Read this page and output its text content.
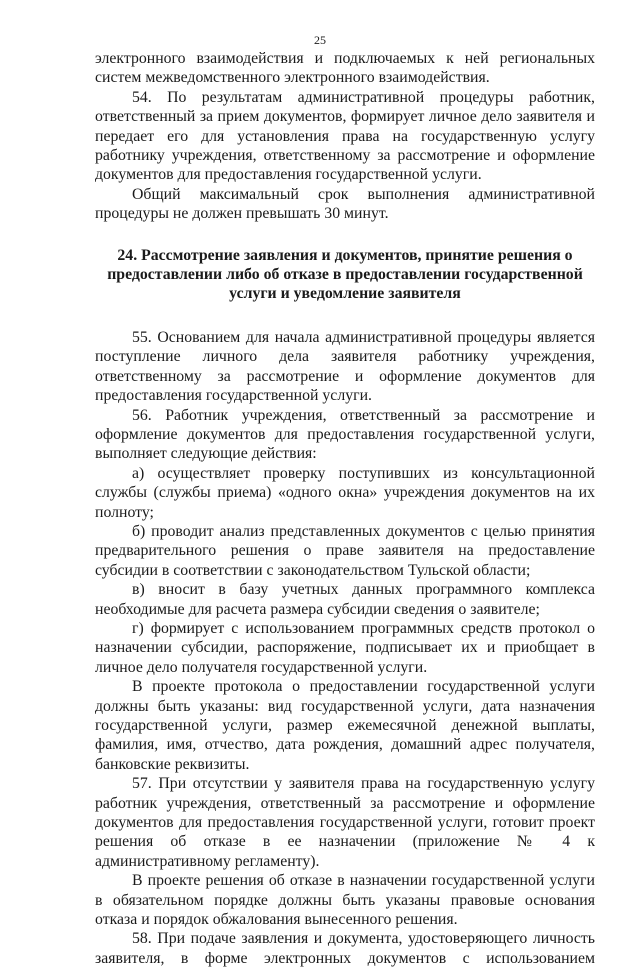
25

электронного взаимодействия и подключаемых к ней региональных систем межведомственного электронного взаимодействия.

54. По результатам административной процедуры работник, ответственный за прием документов, формирует личное дело заявителя и передает его для установления права на государственную услугу работнику учреждения, ответственному за рассмотрение и оформление документов для предоставления государственной услуги.

Общий максимальный срок выполнения административной процедуры не должен превышать 30 минут.

24. Рассмотрение заявления и документов, принятие решения о предоставлении либо об отказе в предоставлении государственной услуги и уведомление заявителя

55. Основанием для начала административной процедуры является поступление личного дела заявителя работнику учреждения, ответственному за рассмотрение и оформление документов для предоставления государственной услуги.

56. Работник учреждения, ответственный за рассмотрение и оформление документов для предоставления государственной услуги, выполняет следующие действия:

а) осуществляет проверку поступивших из консультационной службы (службы приема) «одного окна» учреждения документов на их полноту;

б) проводит анализ представленных документов с целью принятия предварительного решения о праве заявителя на предоставление субсидии в соответствии с законодательством Тульской области;

в) вносит в базу учетных данных программного комплекса необходимые для расчета размера субсидии сведения о заявителе;

г) формирует с использованием программных средств протокол о назначении субсидии, распоряжение, подписывает их и приобщает в личное дело получателя государственной услуги.

В проекте протокола о предоставлении государственной услуги должны быть указаны: вид государственной услуги, дата назначения государственной услуги, размер ежемесячной денежной выплаты, фамилия, имя, отчество, дата рождения, домашний адрес получателя, банковские реквизиты.

57. При отсутствии у заявителя права на государственную услугу работник учреждения, ответственный за рассмотрение и оформление документов для предоставления государственной услуги, готовит проект решения об отказе в ее назначении (приложение № 4 к административному регламенту).

В проекте решения об отказе в назначении государственной услуги в обязательном порядке должны быть указаны правовые основания отказа и порядок обжалования вынесенного решения.

58. При подаче заявления и документа, удостоверяющего личность заявителя, в форме электронных документов с использованием
